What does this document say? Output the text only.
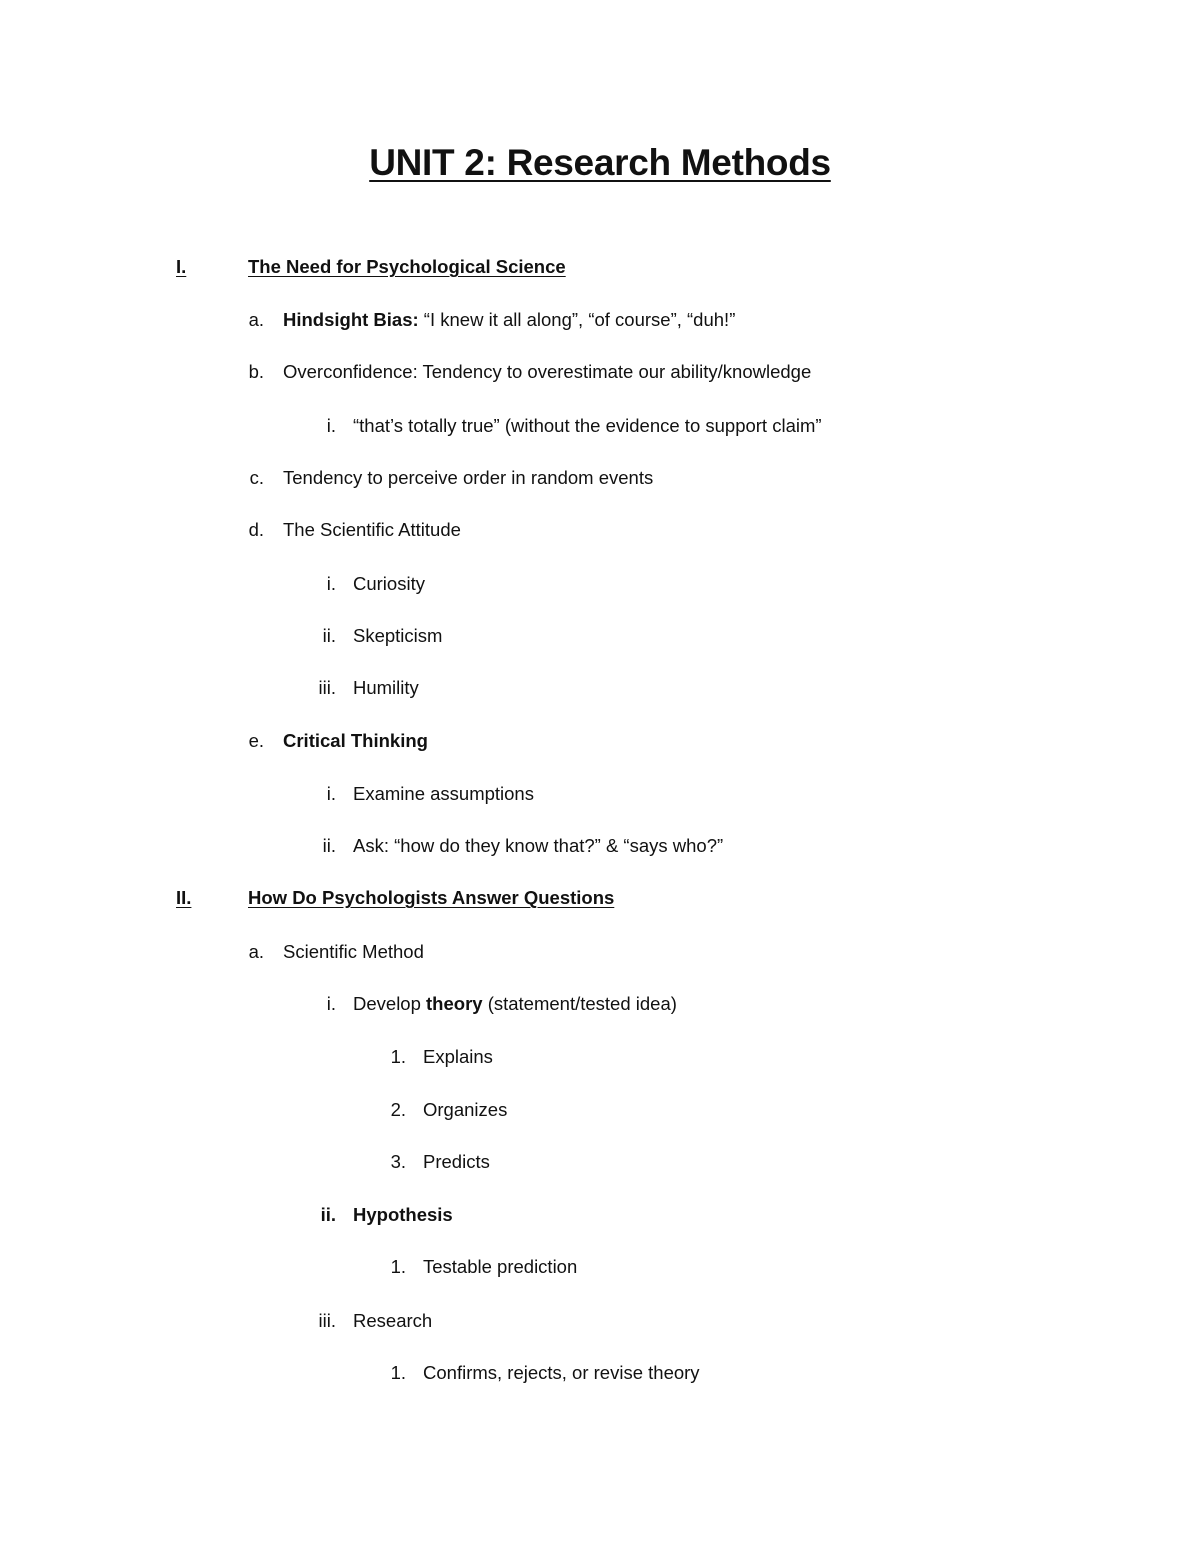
UNIT 2: Research Methods
I.	The Need for Psychological Science
a. Hindsight Bias: “I knew it all along”, “of course”, “duh!”
b. Overconfidence: Tendency to overestimate our ability/knowledge
i. “that’s totally true” (without the evidence to support claim”
c. Tendency to perceive order in random events
d. The Scientific Attitude
i. Curiosity
ii. Skepticism
iii. Humility
e. Critical Thinking
i. Examine assumptions
ii. Ask: “how do they know that?” & “says who?”
II.	How Do Psychologists Answer Questions
a. Scientific Method
i. Develop theory (statement/tested idea)
1. Explains
2. Organizes
3. Predicts
ii. Hypothesis
1. Testable prediction
iii. Research
1. Confirms, rejects, or revise theory
